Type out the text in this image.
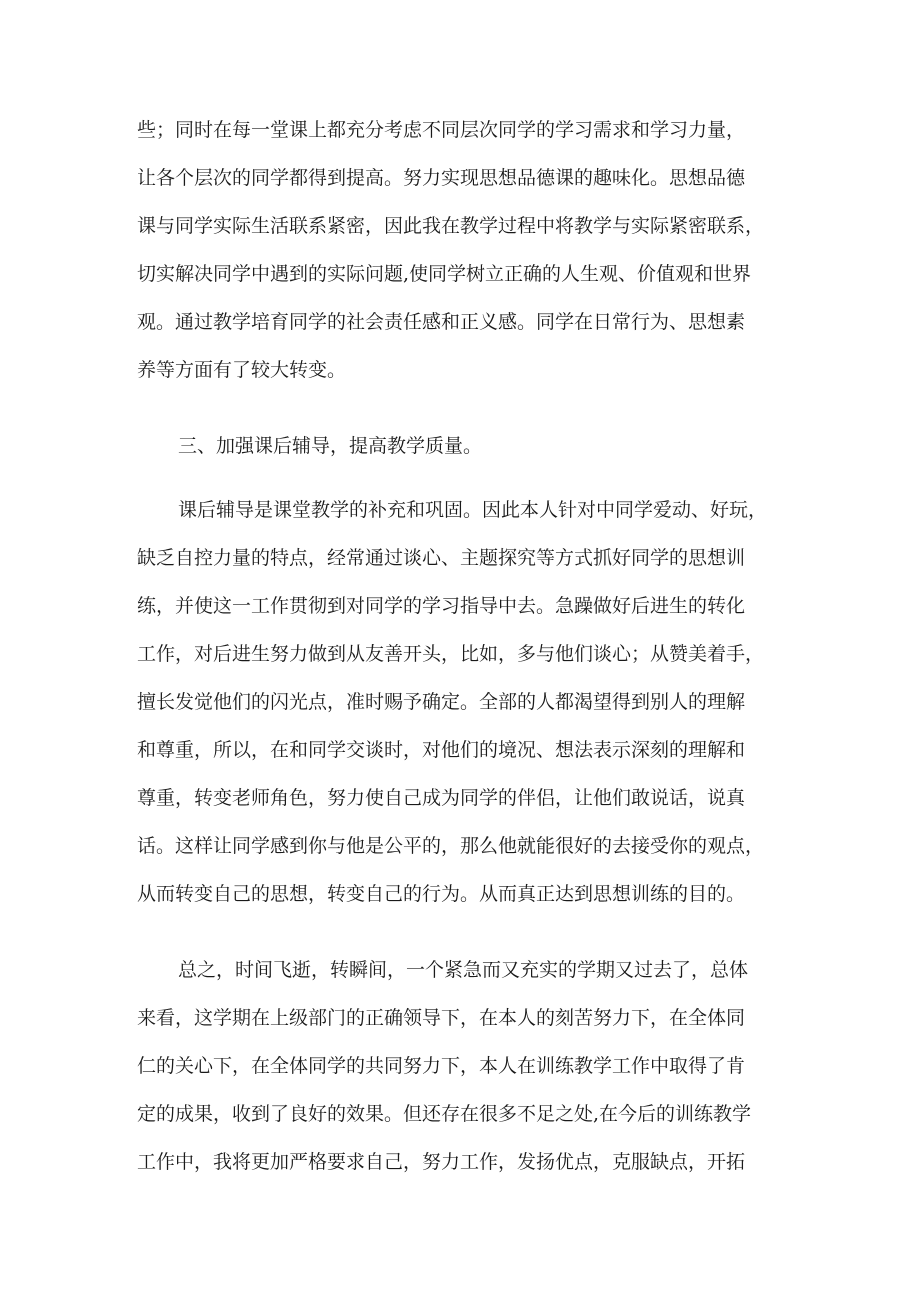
些；同时在每一堂课上都充分考虑不同层次同学的学习需求和学习力量，
让各个层次的同学都得到提高。努力实现思想品德课的趣味化。思想品德
课与同学实际生活联系紧密，因此我在教学过程中将教学与实际紧密联系，
切实解决同学中遇到的实际问题,使同学树立正确的人生观、价值观和世界
观。通过教学培育同学的社会责任感和正义感。同学在日常行为、思想素
养等方面有了较大转变。
三、加强课后辅导，提高教学质量。
课后辅导是课堂教学的补充和巩固。因此本人针对中同学爱动、好玩，
缺乏自控力量的特点，经常通过谈心、主题探究等方式抓好同学的思想训
练，并使这一工作贯彻到对同学的学习指导中去。急躁做好后进生的转化
工作，对后进生努力做到从友善开头，比如，多与他们谈心；从赞美着手，
擅长发觉他们的闪光点，准时赐予确定。全部的人都渴望得到别人的理解
和尊重，所以，在和同学交谈时，对他们的境况、想法表示深刻的理解和
尊重，转变老师角色，努力使自己成为同学的伴侣，让他们敢说话，说真
话。这样让同学感到你与他是公平的，那么他就能很好的去接受你的观点，
从而转变自己的思想，转变自己的行为。从而真正达到思想训练的目的。
总之，时间飞逝，转瞬间，一个紧急而又充实的学期又过去了，总体
来看，这学期在上级部门的正确领导下，在本人的刻苦努力下，在全体同
仁的关心下，在全体同学的共同努力下，本人在训练教学工作中取得了肯
定的成果，收到了良好的效果。但还存在很多不足之处,在今后的训练教学
工作中，我将更加严格要求自己，努力工作，发扬优点，克服缺点，开拓
